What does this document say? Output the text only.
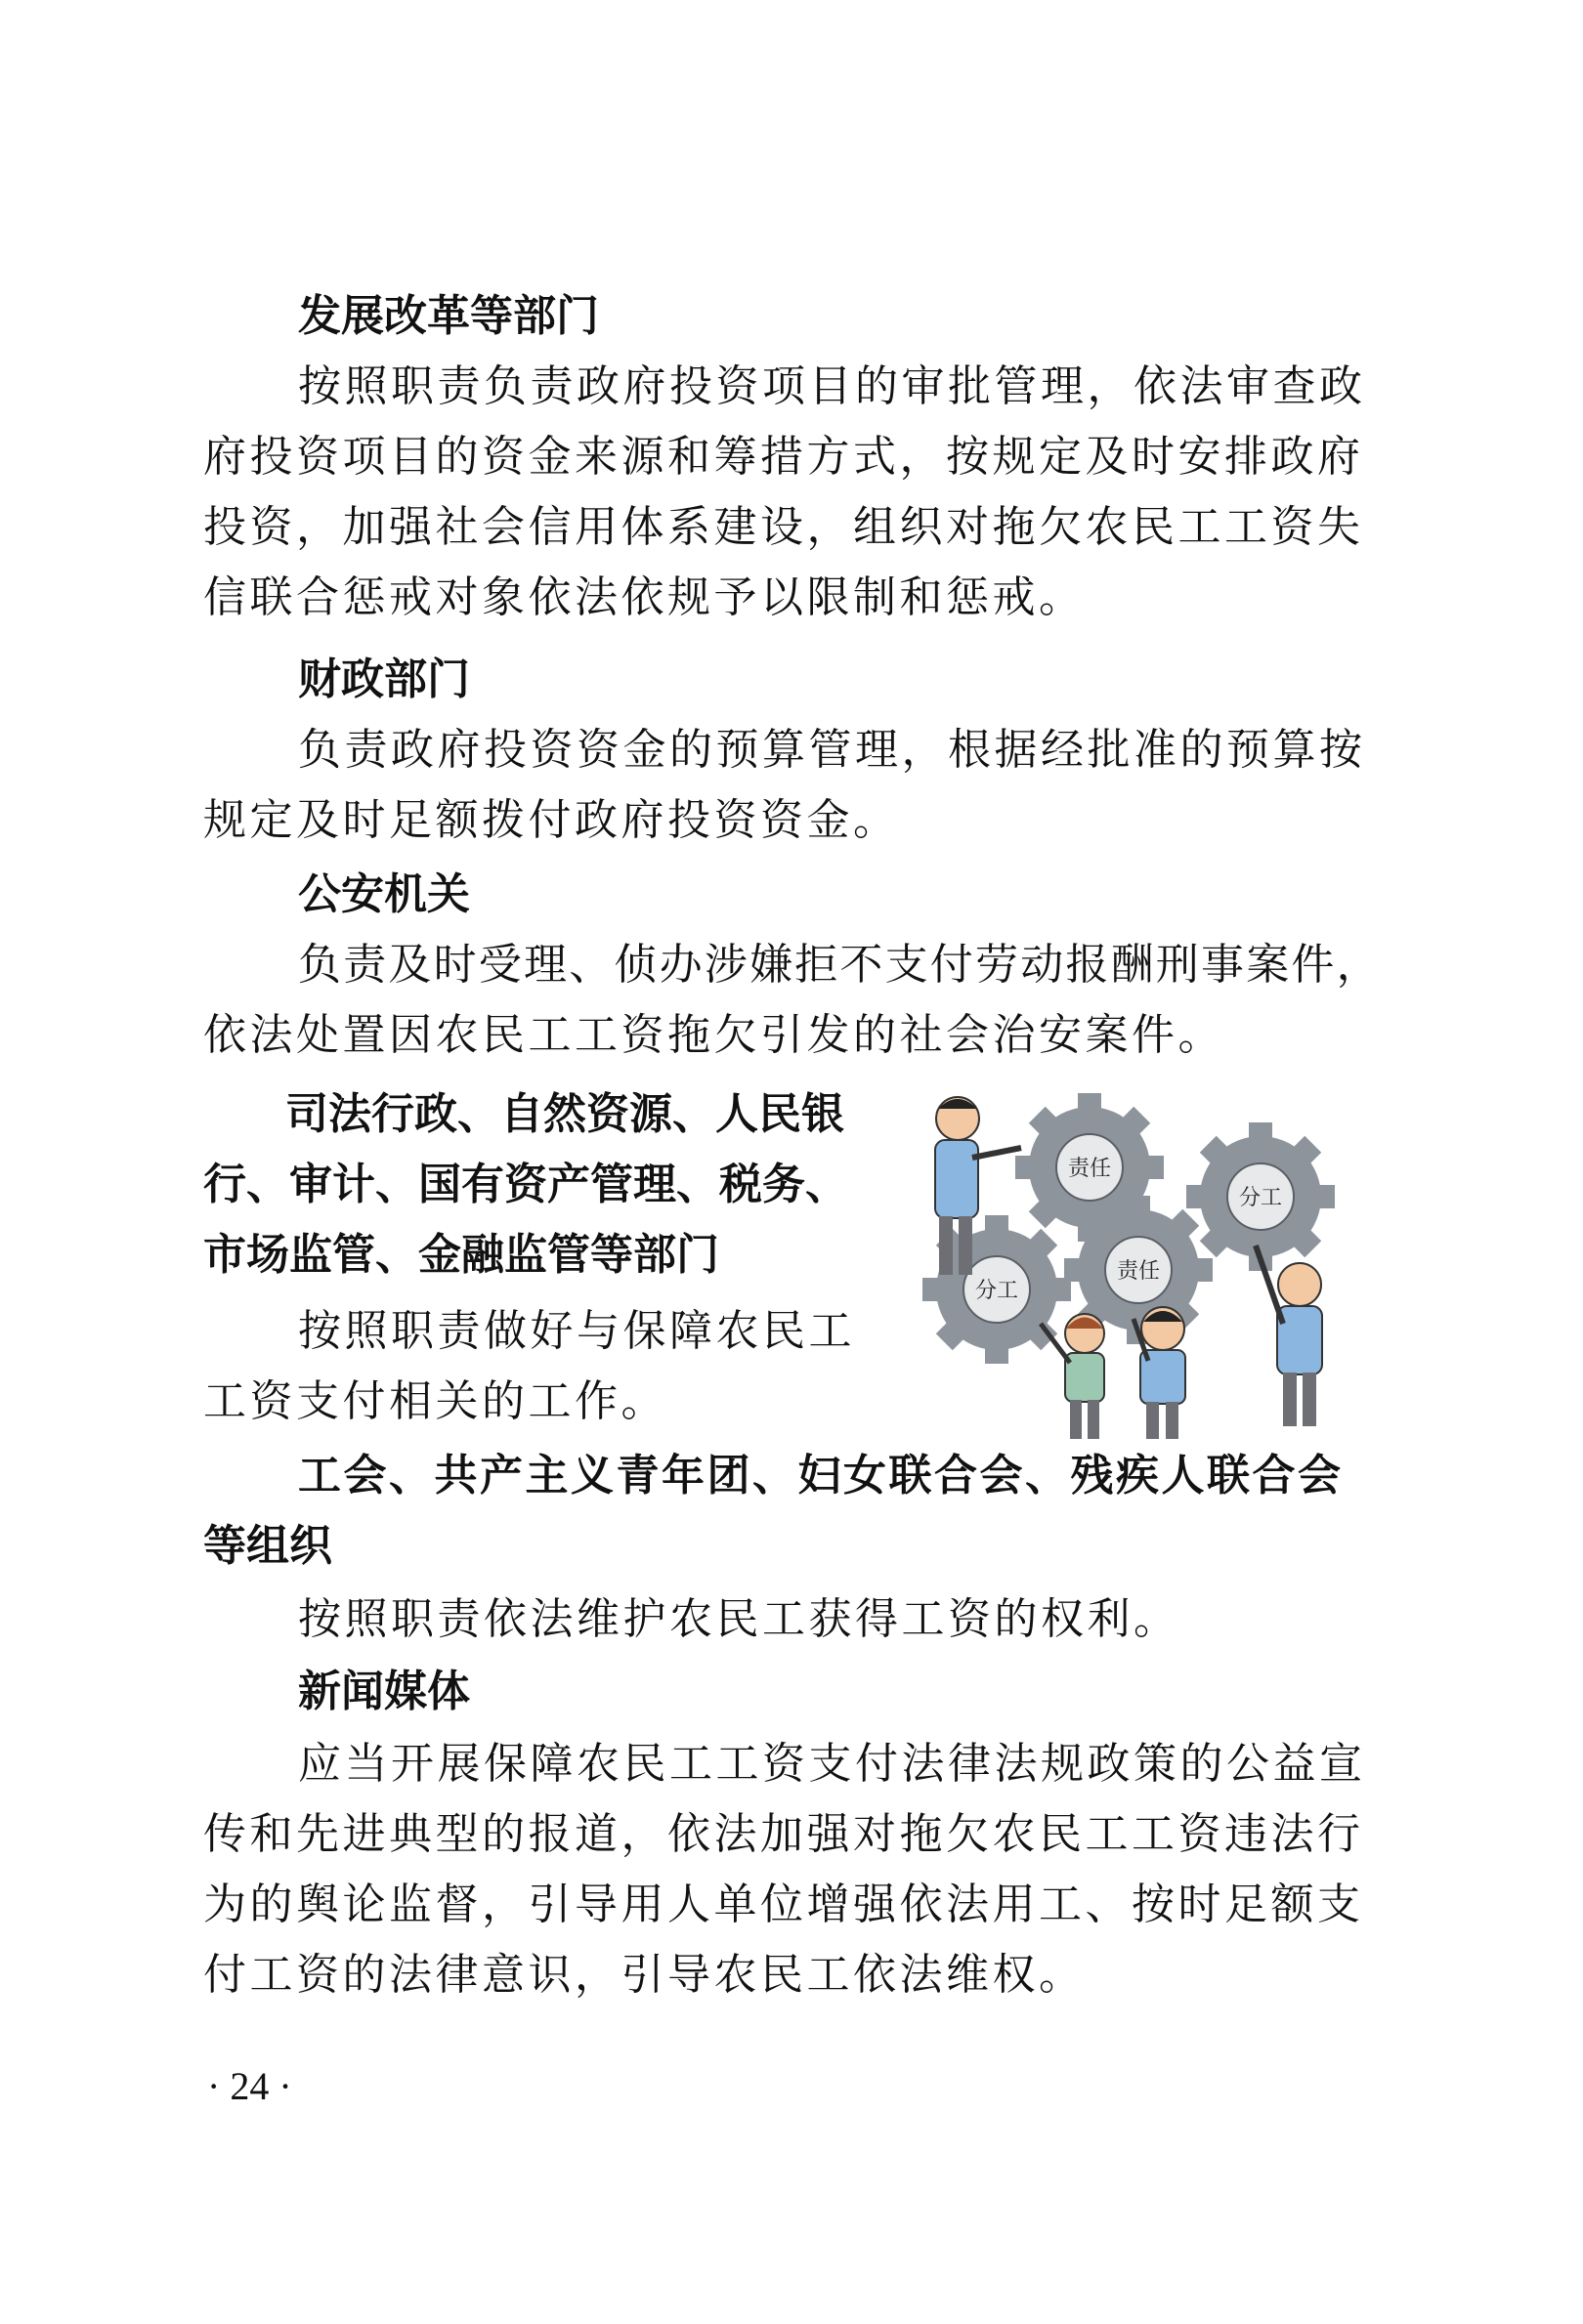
发展改革等部门

按照职责负责政府投资项目的审批管理，依法审查政

府投资项目的资金来源和筹措方式，按规定及时安排政府

投资，加强社会信用体系建设，组织对拖欠农民工工资失

信联合惩戒对象依法依规予以限制和惩戒。

财政部门

负责政府投资资金的预算管理，根据经批准的预算按

规定及时足额拨付政府投资资金。

公安机关

负责及时受理、侦办涉嫌拒不支付劳动报酬刑事案件，

依法处置因农民工工资拖欠引发的社会治安案件。

司法行政、自然资源、人民银

行、审计、国有资产管理、税务、

市场监管、金融监管等部门

按照职责做好与保障农民工

工资支付相关的工作。

责任
分工
责任
分工

工会、共产主义青年团、妇女联合会、残疾人联合会

等组织

按照职责依法维护农民工获得工资的权利。

新闻媒体

应当开展保障农民工工资支付法律法规政策的公益宣

传和先进典型的报道，依法加强对拖欠农民工工资违法行

为的舆论监督，引导用人单位增强依法用工、按时足额支

付工资的法律意识，引导农民工依法维权。

· 24 ·
